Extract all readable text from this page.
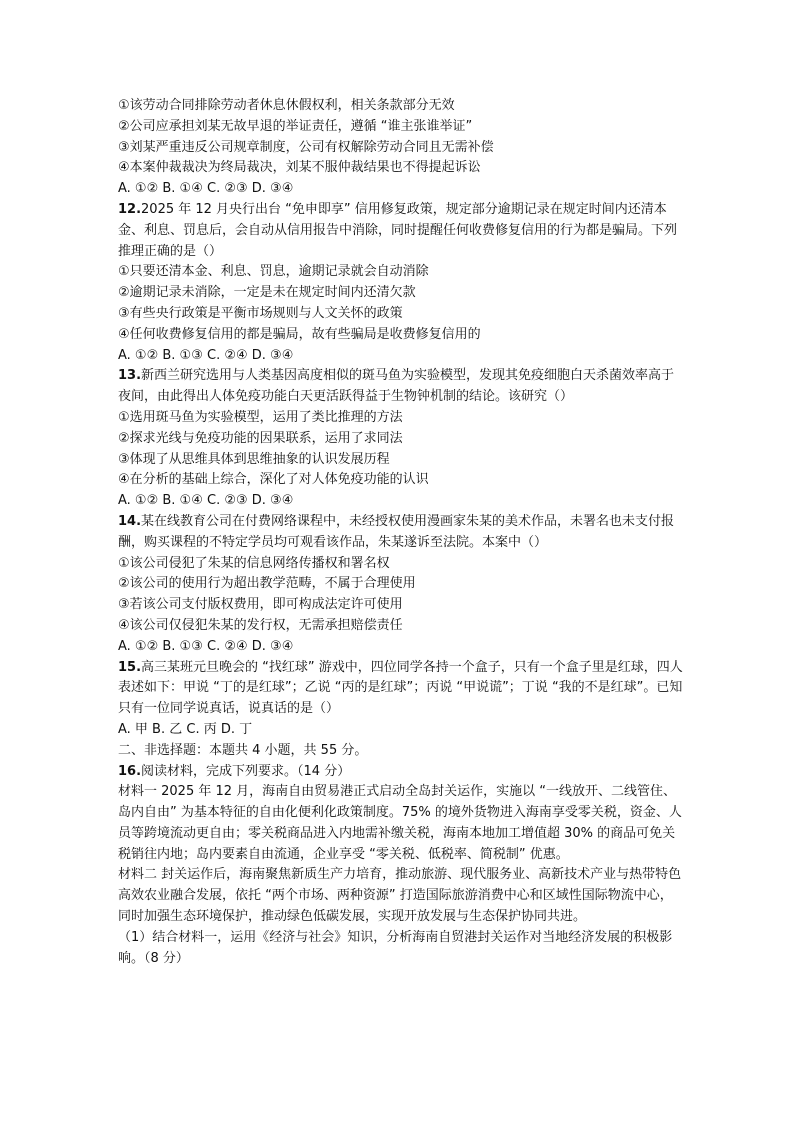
①该劳动合同排除劳动者休息休假权利，相关条款部分无效
②公司应承担刘某无故早退的举证责任，遵循 “谁主张谁举证”
③刘某严重违反公司规章制度，公司有权解除劳动合同且无需补偿
④本案仲裁裁决为终局裁决，刘某不服仲裁结果也不得提起诉讼
A. ①② B. ①④ C. ②③ D. ③④
12.2025 年 12 月央行出台 “免申即享” 信用修复政策，规定部分逾期记录在规定时间内还清本金、利息、罚息后，会自动从信用报告中消除，同时提醒任何收费修复信用的行为都是骗局。下列推理正确的是（）
①只要还清本金、利息、罚息，逾期记录就会自动消除
②逾期记录未消除，一定是未在规定时间内还清欠款
③有些央行政策是平衡市场规则与人文关怀的政策
④任何收费修复信用的都是骗局，故有些骗局是收费修复信用的
A. ①② B. ①③ C. ②④ D. ③④
13.新西兰研究选用与人类基因高度相似的斑马鱼为实验模型，发现其免疫细胞白天杀菌效率高于夜间，由此得出人体免疫功能白天更活跃得益于生物钟机制的结论。该研究（）
①选用斑马鱼为实验模型，运用了类比推理的方法
②探求光线与免疫功能的因果联系，运用了求同法
③体现了从思维具体到思维抽象的认识发展历程
④在分析的基础上综合，深化了对人体免疫功能的认识
A. ①② B. ①④ C. ②③ D. ③④
14.某在线教育公司在付费网络课程中，未经授权使用漫画家朱某的美术作品，未署名也未支付报酬，购买课程的不特定学员均可观看该作品，朱某遂诉至法院。本案中（）
①该公司侵犯了朱某的信息网络传播权和署名权
②该公司的使用行为超出教学范畴，不属于合理使用
③若该公司支付版权费用，即可构成法定许可使用
④该公司仅侵犯朱某的发行权，无需承担赔偿责任
A. ①② B. ①③ C. ②④ D. ③④
15.高三某班元旦晚会的 “找红球” 游戏中，四位同学各持一个盒子，只有一个盒子里是红球，四人表述如下：甲说 “丁的是红球”；乙说 “丙的是红球”；丙说 “甲说谎”；丁说 “我的不是红球”。已知只有一位同学说真话，说真话的是（）
A. 甲 B. 乙 C. 丙 D. 丁
二、非选择题：本题共 4 小题，共 55 分。
16.阅读材料，完成下列要求。（14 分）
材料一 2025 年 12 月，海南自由贸易港正式启动全岛封关运作，实施以 “一线放开、二线管住、岛内自由” 为基本特征的自由化便利化政策制度。75% 的境外货物进入海南享受零关税，资金、人员等跨境流动更自由；零关税商品进入内地需补缴关税，海南本地加工增值超 30% 的商品可免关税销往内地；岛内要素自由流通，企业享受 “零关税、低税率、简税制” 优惠。
材料二 封关运作后，海南聚焦新质生产力培育，推动旅游、现代服务业、高新技术产业与热带特色高效农业融合发展，依托 “两个市场、两种资源” 打造国际旅游消费中心和区域性国际物流中心，同时加强生态环境保护，推动绿色低碳发展，实现开放发展与生态保护协同共进。
（1）结合材料一，运用《经济与社会》知识，分析海南自贸港封关运作对当地经济发展的积极影响。（8 分）
